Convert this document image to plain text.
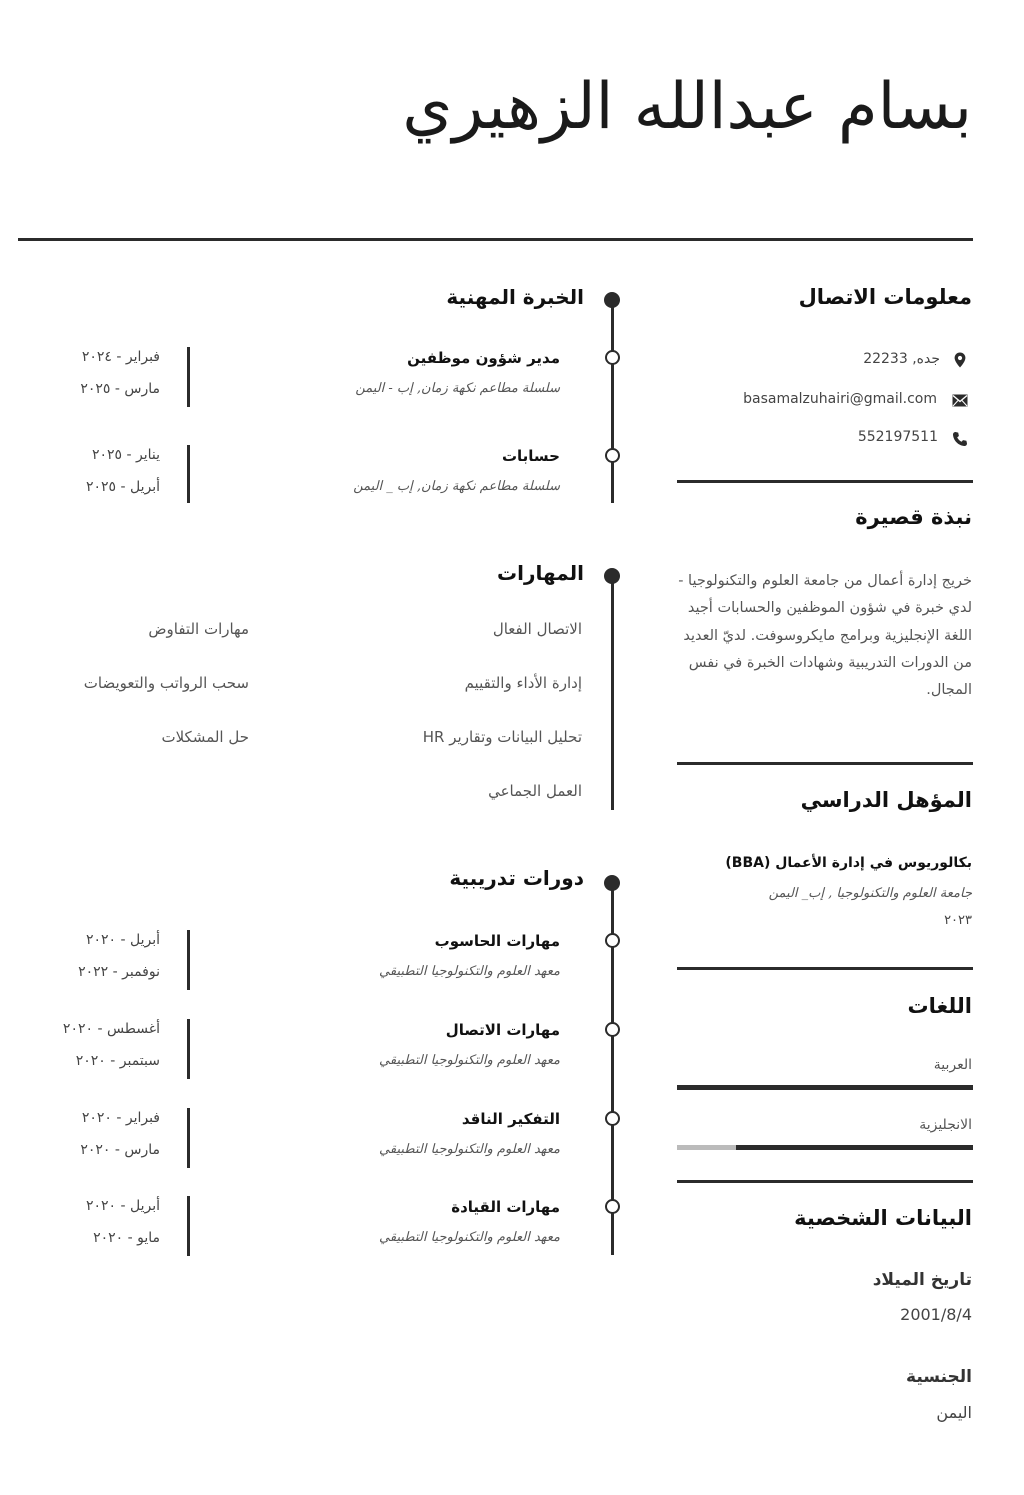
بسام عبدالله الزهيري
معلومات الاتصال
جده, 22233
basamalzuhairi@gmail.com
552197511
نبذة قصيرة
خريج إدارة أعمال من جامعة العلوم والتكنولوجيا - لدي خبرة في شؤون الموظفين والحسابات أجيد اللغة الإنجليزية وبرامج مايكروسوفت. لديّ العديد من الدورات التدريبية وشهادات الخبرة في نفس المجال.
المؤهل الدراسي
بكالوريوس في إدارة الأعمال (BBA)
جامعة العلوم والتكنولوجيا , إب_ اليمن
٢٠٢٣
اللغات
العربية
الانجليزية
البيانات الشخصية
تاريخ الميلاد
2001/8/4
الجنسية
اليمن
الخبرة المهنية
مدير شؤون موظفين
سلسلة مطاعم نكهة زمان, إب - اليمن
فبراير - ٢٠٢٤
مارس - ٢٠٢٥
حسابات
سلسلة مطاعم نكهة زمان, إب _ اليمن
يناير - ٢٠٢٥
أبريل - ٢٠٢٥
المهارات
الاتصال الفعال
إدارة الأداء والتقييم
تحليل البيانات وتقارير HR
العمل الجماعي
مهارات التفاوض
سحب الرواتب والتعويضات
حل المشكلات
دورات تدريبية
مهارات الحاسوب
معهد العلوم والتكنولوجيا التطبيقي
أبريل - ٢٠٢٠
نوفمبر - ٢٠٢٢
مهارات الاتصال
معهد العلوم والتكنولوجيا التطبيقي
أغسطس - ٢٠٢٠
سبتمبر - ٢٠٢٠
التفكير الناقد
معهد العلوم والتكنولوجيا التطبيقي
فبراير - ٢٠٢٠
مارس - ٢٠٢٠
مهارات القيادة
معهد العلوم والتكنولوجيا التطبيقي
أبريل - ٢٠٢٠
مايو - ٢٠٢٠
